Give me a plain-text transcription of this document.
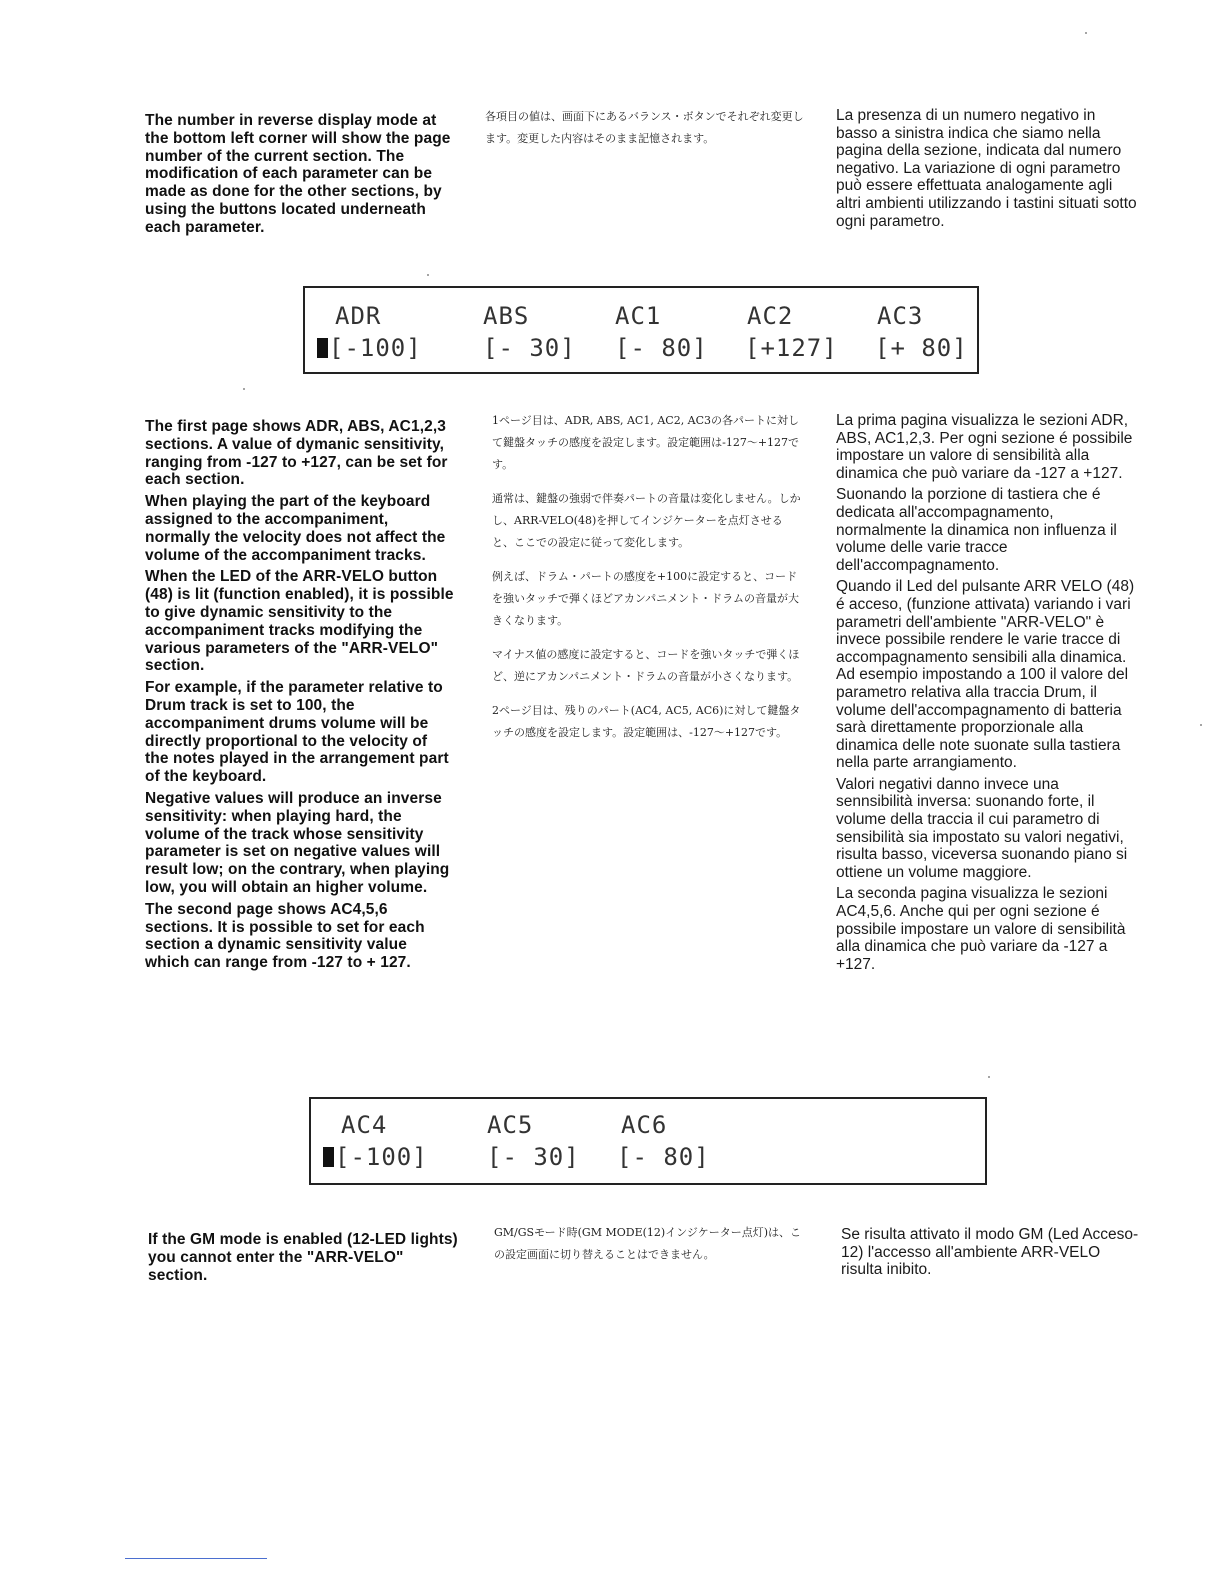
The number in reverse display mode at the bottom left corner will show the page number of the current section. The modification of each parameter can be made as done for the other sections, by using the buttons located underneath each parameter.

各項目の値は、画面下にあるバランス・ボタンでそれぞれ変更します。変更した内容はそのまま記憶されます。

La presenza di un numero negativo in basso a sinistra indica che siamo nella pagina della sezione, indicata dal numero negativo. La variazione di ogni parametro può essere effettuata analogamente agli altri ambienti utilizzando i tastini situati sotto ogni parametro.

ADR	ABS	AC1	AC2	AC3
[-100]	[- 30] [- 80] [+127] [+ 80]

The first page shows ADR, ABS, AC1,2,3 sections. A value of dymanic sensitivity, ranging from -127 to +127, can be set for each section.

When playing the part of the keyboard assigned to the accompaniment, normally the velocity does not affect the volume of the accompaniment tracks.

When the LED of the ARR-VELO button (48) is lit (function enabled), it is possible to give dynamic sensitivity to the accompaniment tracks modifying the various parameters of the "ARR-VELO" section.

For example, if the parameter relative to Drum track is set to 100, the accompaniment drums volume will be directly proportional to the velocity of the notes played in the arrangement part of the keyboard.

Negative values will produce an inverse sensitivity: when playing hard, the volume of the track whose sensitivity parameter is set on negative values will result low; on the contrary, when playing low, you will obtain an higher volume.

The second page shows AC4,5,6 sections. It is possible to set for each section a dynamic sensitivity value which can range from -127 to + 127.

1ページ目は、ADR, ABS, AC1, AC2, AC3の各パートに対して鍵盤タッチの感度を設定します。設定範囲は-127〜+127です。

通常は、鍵盤の強弱で伴奏パートの音量は変化しません。しかし、ARR-VELO(48)を押してインジケーターを点灯させると、ここでの設定に従って変化します。

例えば、ドラム・パートの感度を+100に設定すると、コードを強いタッチで弾くほどアカンパニメント・ドラムの音量が大きくなります。

マイナス値の感度に設定すると、コードを強いタッチで弾くほど、逆にアカンパニメント・ドラムの音量が小さくなります。

2ページ目は、残りのパート(AC4, AC5, AC6)に対して鍵盤タッチの感度を設定します。設定範囲は、-127〜+127です。

La prima pagina visualizza le sezioni ADR, ABS, AC1,2,3. Per ogni sezione é possibile impostare un valore di sensibilità alla dinamica che può variare da -127 a +127.

Suonando la porzione di tastiera che é dedicata all'accompagnamento, normalmente la dinamica non influenza il volume delle varie tracce dell'accompagnamento.

Quando il Led del pulsante ARR VELO (48) é acceso, (funzione attivata) variando i vari parametri dell'ambiente "ARR-VELO" è invece possibile rendere le varie tracce di accompagnamento sensibili alla dinamica. Ad esempio impostando a 100 il valore del parametro relativa alla traccia Drum, il volume dell'accompagnamento di batteria sarà direttamente proporzionale alla dinamica delle note suonate sulla tastiera nella parte arrangiamento.

Valori negativi danno invece una sennsibilità inversa: suonando forte, il volume della traccia il cui parametro di sensibilità sia impostato su valori negativi, risulta basso, viceversa suonando piano si ottiene un volume maggiore.

La seconda pagina visualizza le sezioni AC4,5,6. Anche qui per ogni sezione é possibile impostare un valore di sensibilità alla dinamica che può variare da -127 a +127.

AC4	AC5	AC6
[-100] [- 30] [- 80]

If the GM mode is enabled (12-LED lights) you cannot enter the "ARR-VELO" section.

GM/GSモード時(GM MODE(12)インジケーター点灯)は、この設定画面に切り替えることはできません。

Se risulta attivato il modo GM (Led Acceso-12) l'accesso all'ambiente ARR-VELO risulta inibito.
